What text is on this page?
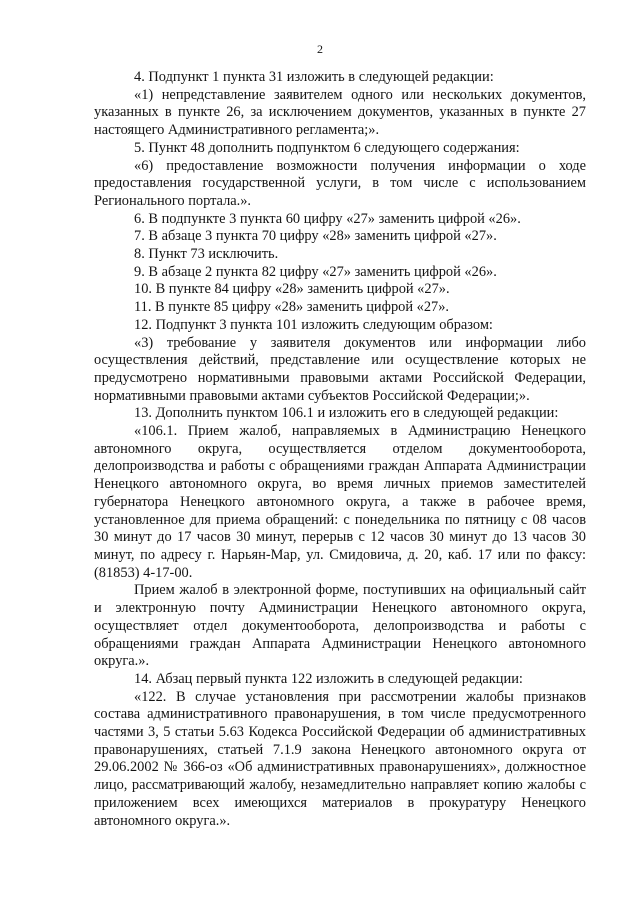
2

4. Подпункт 1 пункта 31 изложить в следующей редакции:

«1) непредставление заявителем одного или нескольких документов, указанных в пункте 26, за исключением документов, указанных в пункте 27 настоящего Административного регламента;».

5. Пункт 48 дополнить подпунктом 6 следующего содержания:

«6) предоставление возможности получения информации о ходе предоставления государственной услуги, в том числе с использованием Регионального портала.».

6. В подпункте 3 пункта 60 цифру «27» заменить цифрой «26».

7. В абзаце 3 пункта 70 цифру «28» заменить цифрой «27».

8. Пункт 73 исключить.

9. В абзаце 2 пункта 82 цифру «27» заменить цифрой «26».

10. В пункте 84 цифру «28» заменить цифрой «27».

11. В пункте 85 цифру «28» заменить цифрой «27».

12. Подпункт 3 пункта 101 изложить следующим образом:

«3) требование у заявителя документов или информации либо осуществления действий, представление или осуществление которых не предусмотрено нормативными правовыми актами Российской Федерации, нормативными правовыми актами субъектов Российской Федерации;».

13. Дополнить пунктом 106.1 и изложить его в следующей редакции:

«106.1. Прием жалоб, направляемых в Администрацию Ненецкого автономного округа, осуществляется отделом документооборота, делопроизводства и работы с обращениями граждан Аппарата Администрации Ненецкого автономного округа, во время личных приемов заместителей губернатора Ненецкого автономного округа, а также в рабочее время, установленное для приема обращений: с понедельника по пятницу с 08 часов 30 минут до 17 часов 30 минут, перерыв с 12 часов 30 минут до 13 часов 30 минут, по адресу г. Нарьян-Мар, ул. Смидовича, д. 20, каб. 17 или по факсу: (81853) 4-17-00.

Прием жалоб в электронной форме, поступивших на официальный сайт и электронную почту Администрации Ненецкого автономного округа, осуществляет отдел документооборота, делопроизводства и работы с обращениями граждан Аппарата Администрации Ненецкого автономного округа.».

14. Абзац первый пункта 122 изложить в следующей редакции:

«122. В случае установления при рассмотрении жалобы признаков состава административного правонарушения, в том числе предусмотренного частями 3, 5 статьи 5.63 Кодекса Российской Федерации об административных правонарушениях, статьей 7.1.9 закона Ненецкого автономного округа от 29.06.2002 № 366-оз «Об административных правонарушениях», должностное лицо, рассматривающий жалобу, незамедлительно направляет копию жалобы с приложением всех имеющихся материалов в прокуратуру Ненецкого автономного округа.».
